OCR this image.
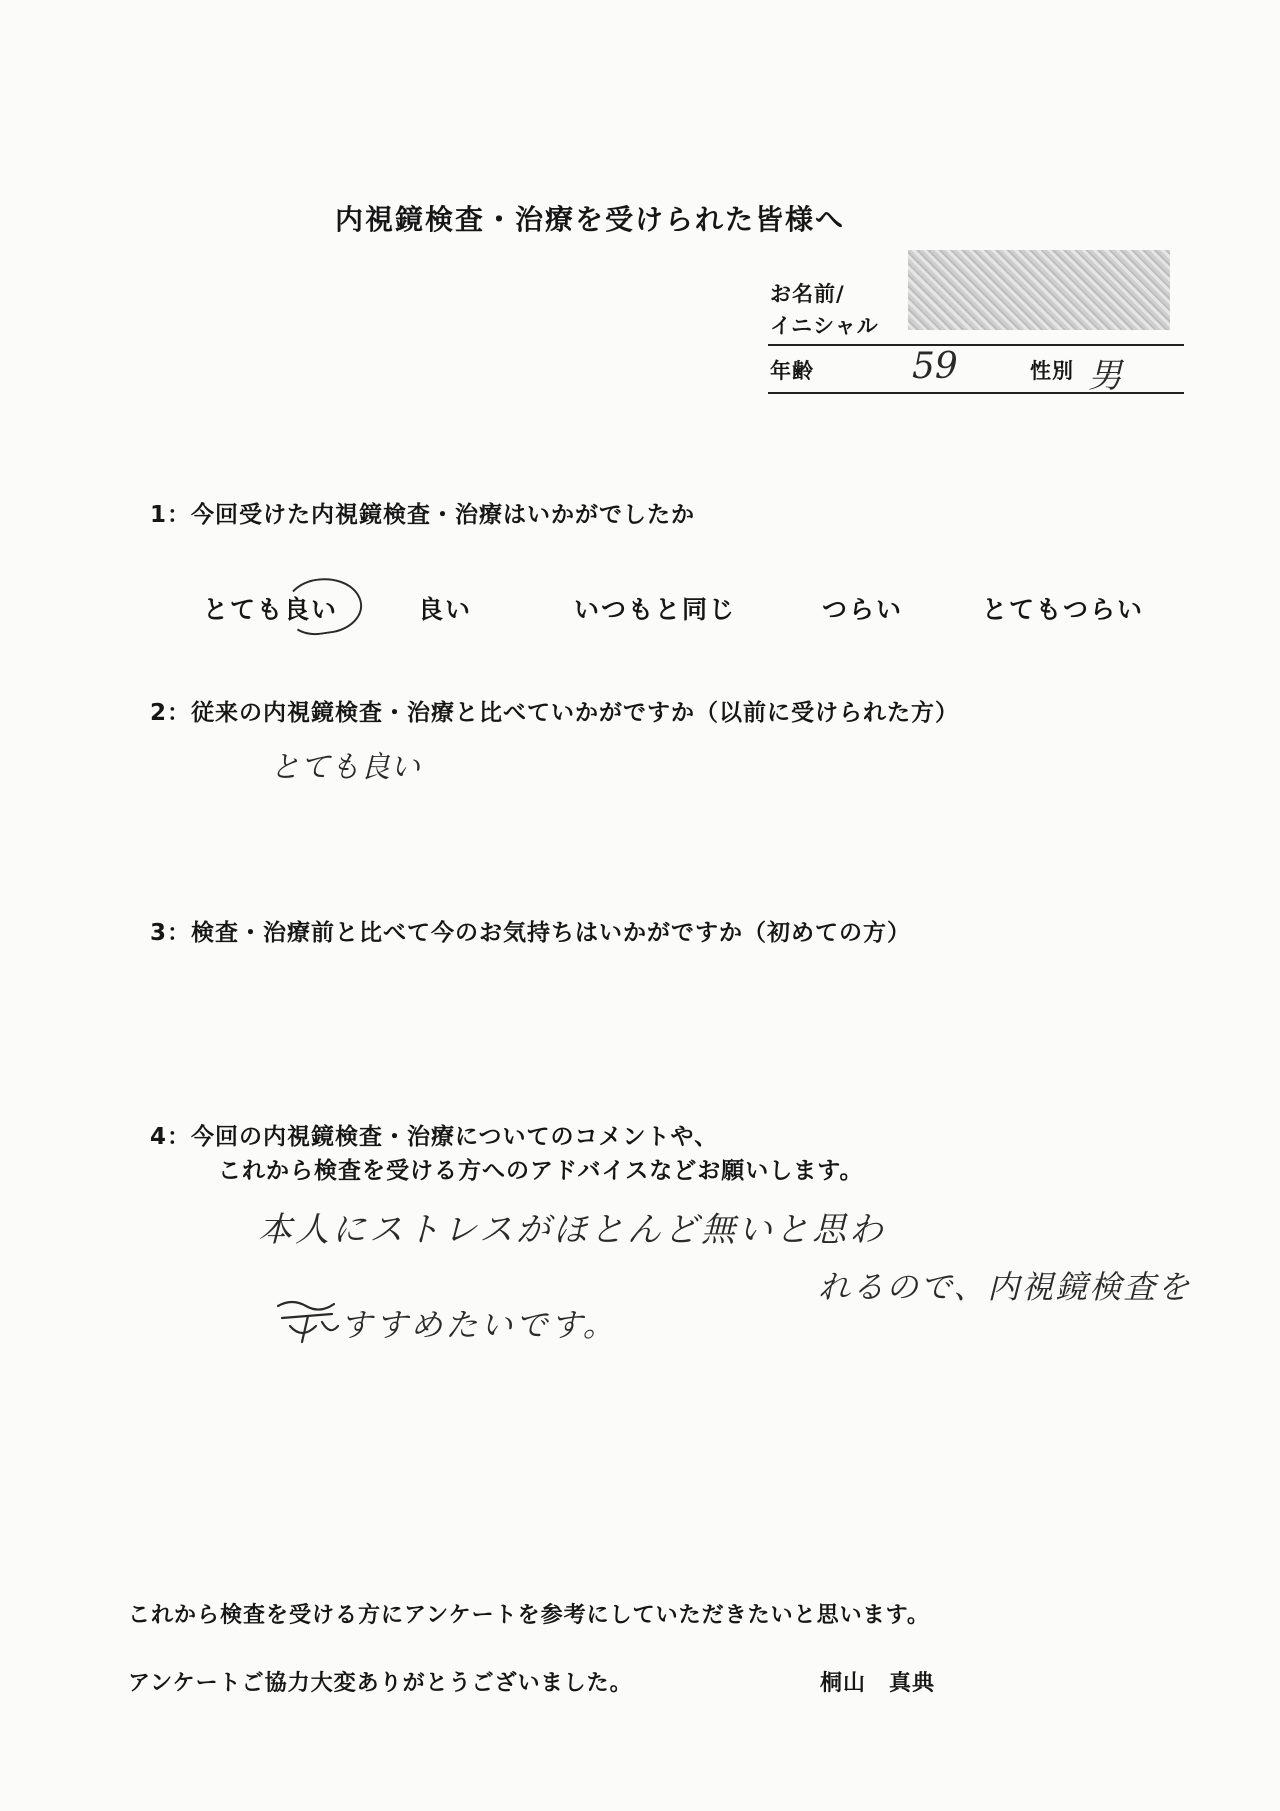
内視鏡検査・治療を受けられた皆様へ
お名前/
イニシャル
年齢	59	性別 男
1：今回受けた内視鏡検査・治療はいかがでしたか
とても良い	良い	いつもと同じ	つらい	とてもつらい
2：従来の内視鏡検査・治療と比べていかがですか（以前に受けられた方）
とても良い
3：検査・治療前と比べて今のお気持ちはいかがですか（初めての方）
4：今回の内視鏡検査・治療についてのコメントや、
これから検査を受ける方へのアドバイスなどお願いします。
本人にストレスがほとんど無いと思わ
れるので、内視鏡検査を
すすめたいです。
これから検査を受ける方にアンケートを参考にしていただきたいと思います。
アンケートご協力大変ありがとうございました。	桐山　真典
